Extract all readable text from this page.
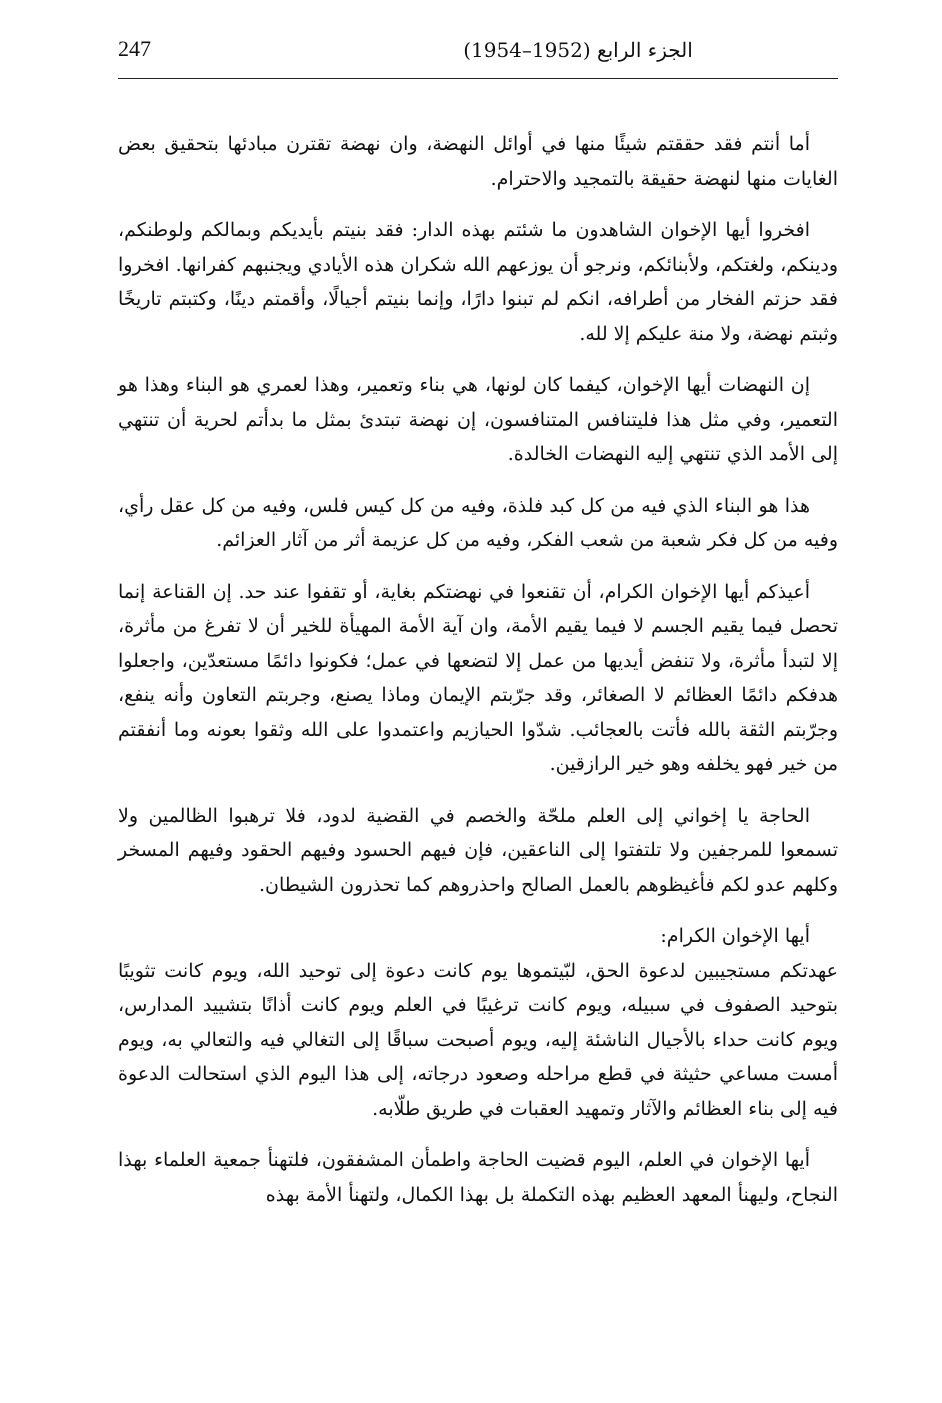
247	الجزء الرابع (1952–1954)

أما أنتم فقد حققتم شيئًا منها في أوائل النهضة، وان نهضة تقترن مبادئها بتحقيق بعض الغايات منها لنهضة حقيقة بالتمجيد والاحترام.

افخروا أيها الإخوان الشاهدون ما شئتم بهذه الدار: فقد بنيتم بأيديكم وبمالكم ولوطنكم، ودينكم، ولغتكم، ولأبنائكم، ونرجو أن يوزعهم الله شكران هذه الأيادي ويجنبهم كفرانها. افخروا فقد حزتم الفخار من أطرافه، انكم لم تبنوا دارًا، وإنما بنيتم أجيالًا، وأقمتم دينًا، وكتبتم تاريخًا وثبتم نهضة، ولا منة عليكم إلا لله.

إن النهضات أيها الإخوان، كيفما كان لونها، هي بناء وتعمير، وهذا لعمري هو البناء وهذا هو التعمير، وفي مثل هذا فليتنافس المتنافسون، إن نهضة تبتدئ بمثل ما بدأتم لحرية أن تنتهي إلى الأمد الذي تنتهي إليه النهضات الخالدة.

هذا هو البناء الذي فيه من كل كبد فلذة، وفيه من كل كيس فلس، وفيه من كل عقل رأي، وفيه من كل فكر شعبة من شعب الفكر، وفيه من كل عزيمة أثر من آثار العزائم.

أعيذكم أيها الإخوان الكرام، أن تقنعوا في نهضتكم بغاية، أو تقفوا عند حد. إن القناعة إنما تحصل فيما يقيم الجسم لا فيما يقيم الأمة، وان آية الأمة المهيأة للخير أن لا تفرغ من مأثرة، إلا لتبدأ مأثرة، ولا تنفض أيديها من عمل إلا لتضعها في عمل؛ فكونوا دائمًا مستعدّين، واجعلوا هدفكم دائمًا العظائم لا الصغائر، وقد جرّبتم الإيمان وماذا يصنع، وجربتم التعاون وأنه ينفع، وجرّبتم الثقة بالله فأتت بالعجائب. شدّوا الحيازيم واعتمدوا على الله وثقوا بعونه وما أنفقتم من خير فهو يخلفه وهو خير الرازقين.

الحاجة يا إخواني إلى العلم ملحّة والخصم في القضية لدود، فلا ترهبوا الظالمين ولا تسمعوا للمرجفين ولا تلتفتوا إلى الناعقين، فإن فيهم الحسود وفيهم الحقود وفيهم المسخر وكلهم عدو لكم فأغيظوهم بالعمل الصالح واحذروهم كما تحذرون الشيطان.

أيها الإخوان الكرام:

عهدتكم مستجيبين لدعوة الحق، لبّيتموها يوم كانت دعوة إلى توحيد الله، ويوم كانت تثويبًا بتوحيد الصفوف في سبيله، ويوم كانت ترغيبًا في العلم ويوم كانت أذانًا بتشييد المدارس، ويوم كانت حداء بالأجيال الناشئة إليه، ويوم أصبحت سباقًا إلى التغالي فيه والتعالي به، ويوم أمست مساعي حثيثة في قطع مراحله وصعود درجاته، إلى هذا اليوم الذي استحالت الدعوة فيه إلى بناء العظائم والآثار وتمهيد العقبات في طريق طلّابه.

أيها الإخوان في العلم، اليوم قضيت الحاجة واطمأن المشفقون، فلتهنأ جمعية العلماء بهذا النجاح، وليهنأ المعهد العظيم بهذه التكملة بل بهذا الكمال، ولتهنأ الأمة بهذه
